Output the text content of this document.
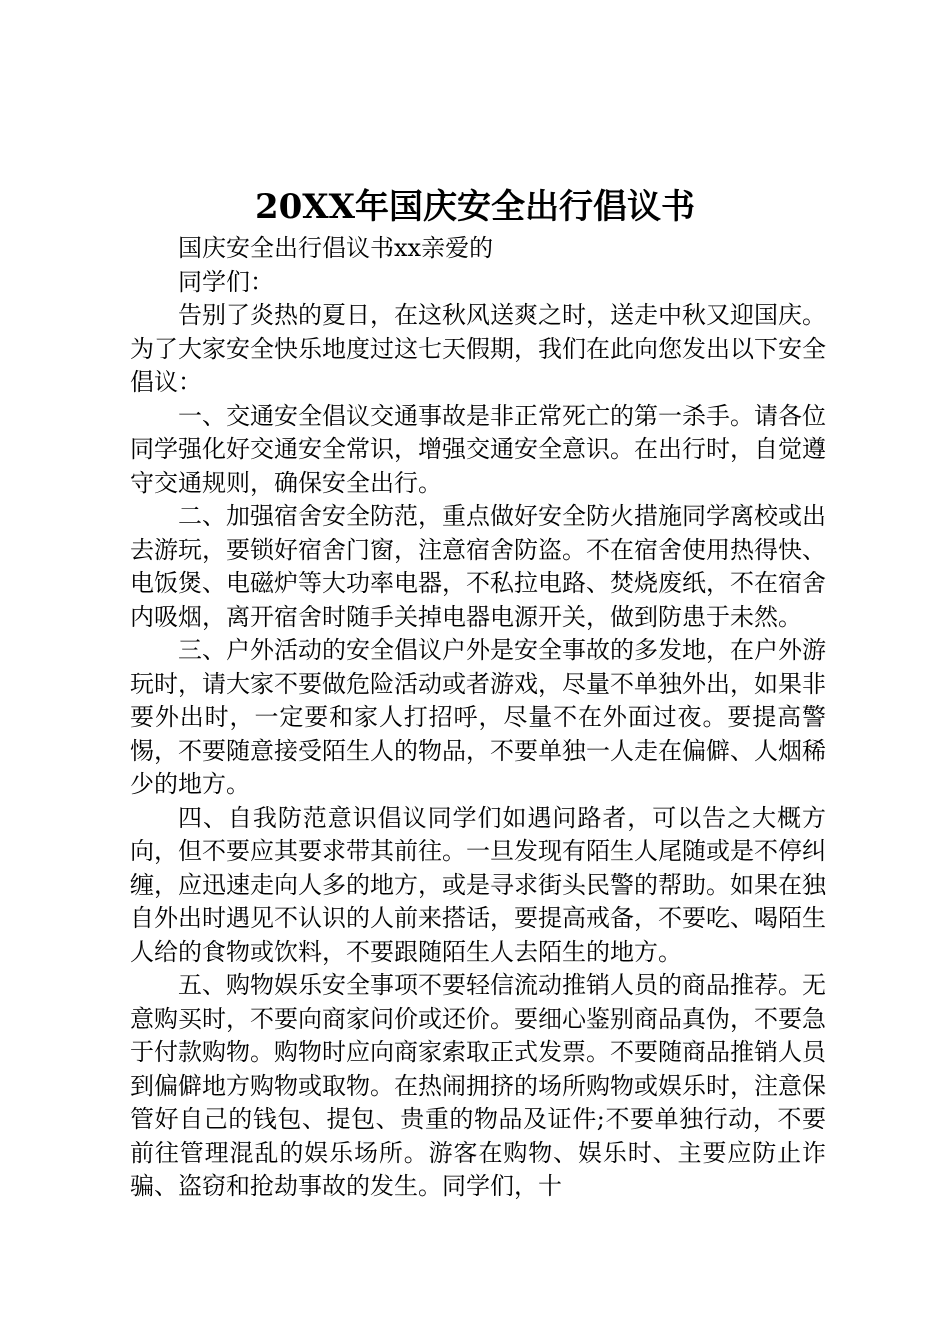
20XX年国庆安全出行倡议书

国庆安全出行倡议书xx亲爱的

同学们：

告别了炎热的夏日，在这秋风送爽之时，送走中秋又迎国庆。为了大家安全快乐地度过这七天假期，我们在此向您发出以下安全倡议：

一、交通安全倡议交通事故是非正常死亡的第一杀手。请各位同学强化好交通安全常识，增强交通安全意识。在出行时，自觉遵守交通规则，确保安全出行。

二、加强宿舍安全防范，重点做好安全防火措施同学离校或出去游玩，要锁好宿舍门窗，注意宿舍防盗。不在宿舍使用热得快、电饭煲、电磁炉等大功率电器，不私拉电路、焚烧废纸，不在宿舍内吸烟，离开宿舍时随手关掉电器电源开关，做到防患于未然。

三、户外活动的安全倡议户外是安全事故的多发地，在户外游玩时，请大家不要做危险活动或者游戏，尽量不单独外出，如果非要外出时，一定要和家人打招呼，尽量不在外面过夜。要提高警惕，不要随意接受陌生人的物品，不要单独一人走在偏僻、人烟稀少的地方。

四、自我防范意识倡议同学们如遇问路者，可以告之大概方向，但不要应其要求带其前往。一旦发现有陌生人尾随或是不停纠缠，应迅速走向人多的地方，或是寻求街头民警的帮助。如果在独自外出时遇见不认识的人前来搭话，要提高戒备，不要吃、喝陌生人给的食物或饮料，不要跟随陌生人去陌生的地方。

五、购物娱乐安全事项不要轻信流动推销人员的商品推荐。无意购买时，不要向商家问价或还价。要细心鉴别商品真伪，不要急于付款购物。购物时应向商家索取正式发票。不要随商品推销人员到偏僻地方购物或取物。在热闹拥挤的场所购物或娱乐时，注意保管好自己的钱包、提包、贵重的物品及证件;不要单独行动，不要前往管理混乱的娱乐场所。游客在购物、娱乐时、主要应防止诈骗、盗窃和抢劫事故的发生。同学们，十
